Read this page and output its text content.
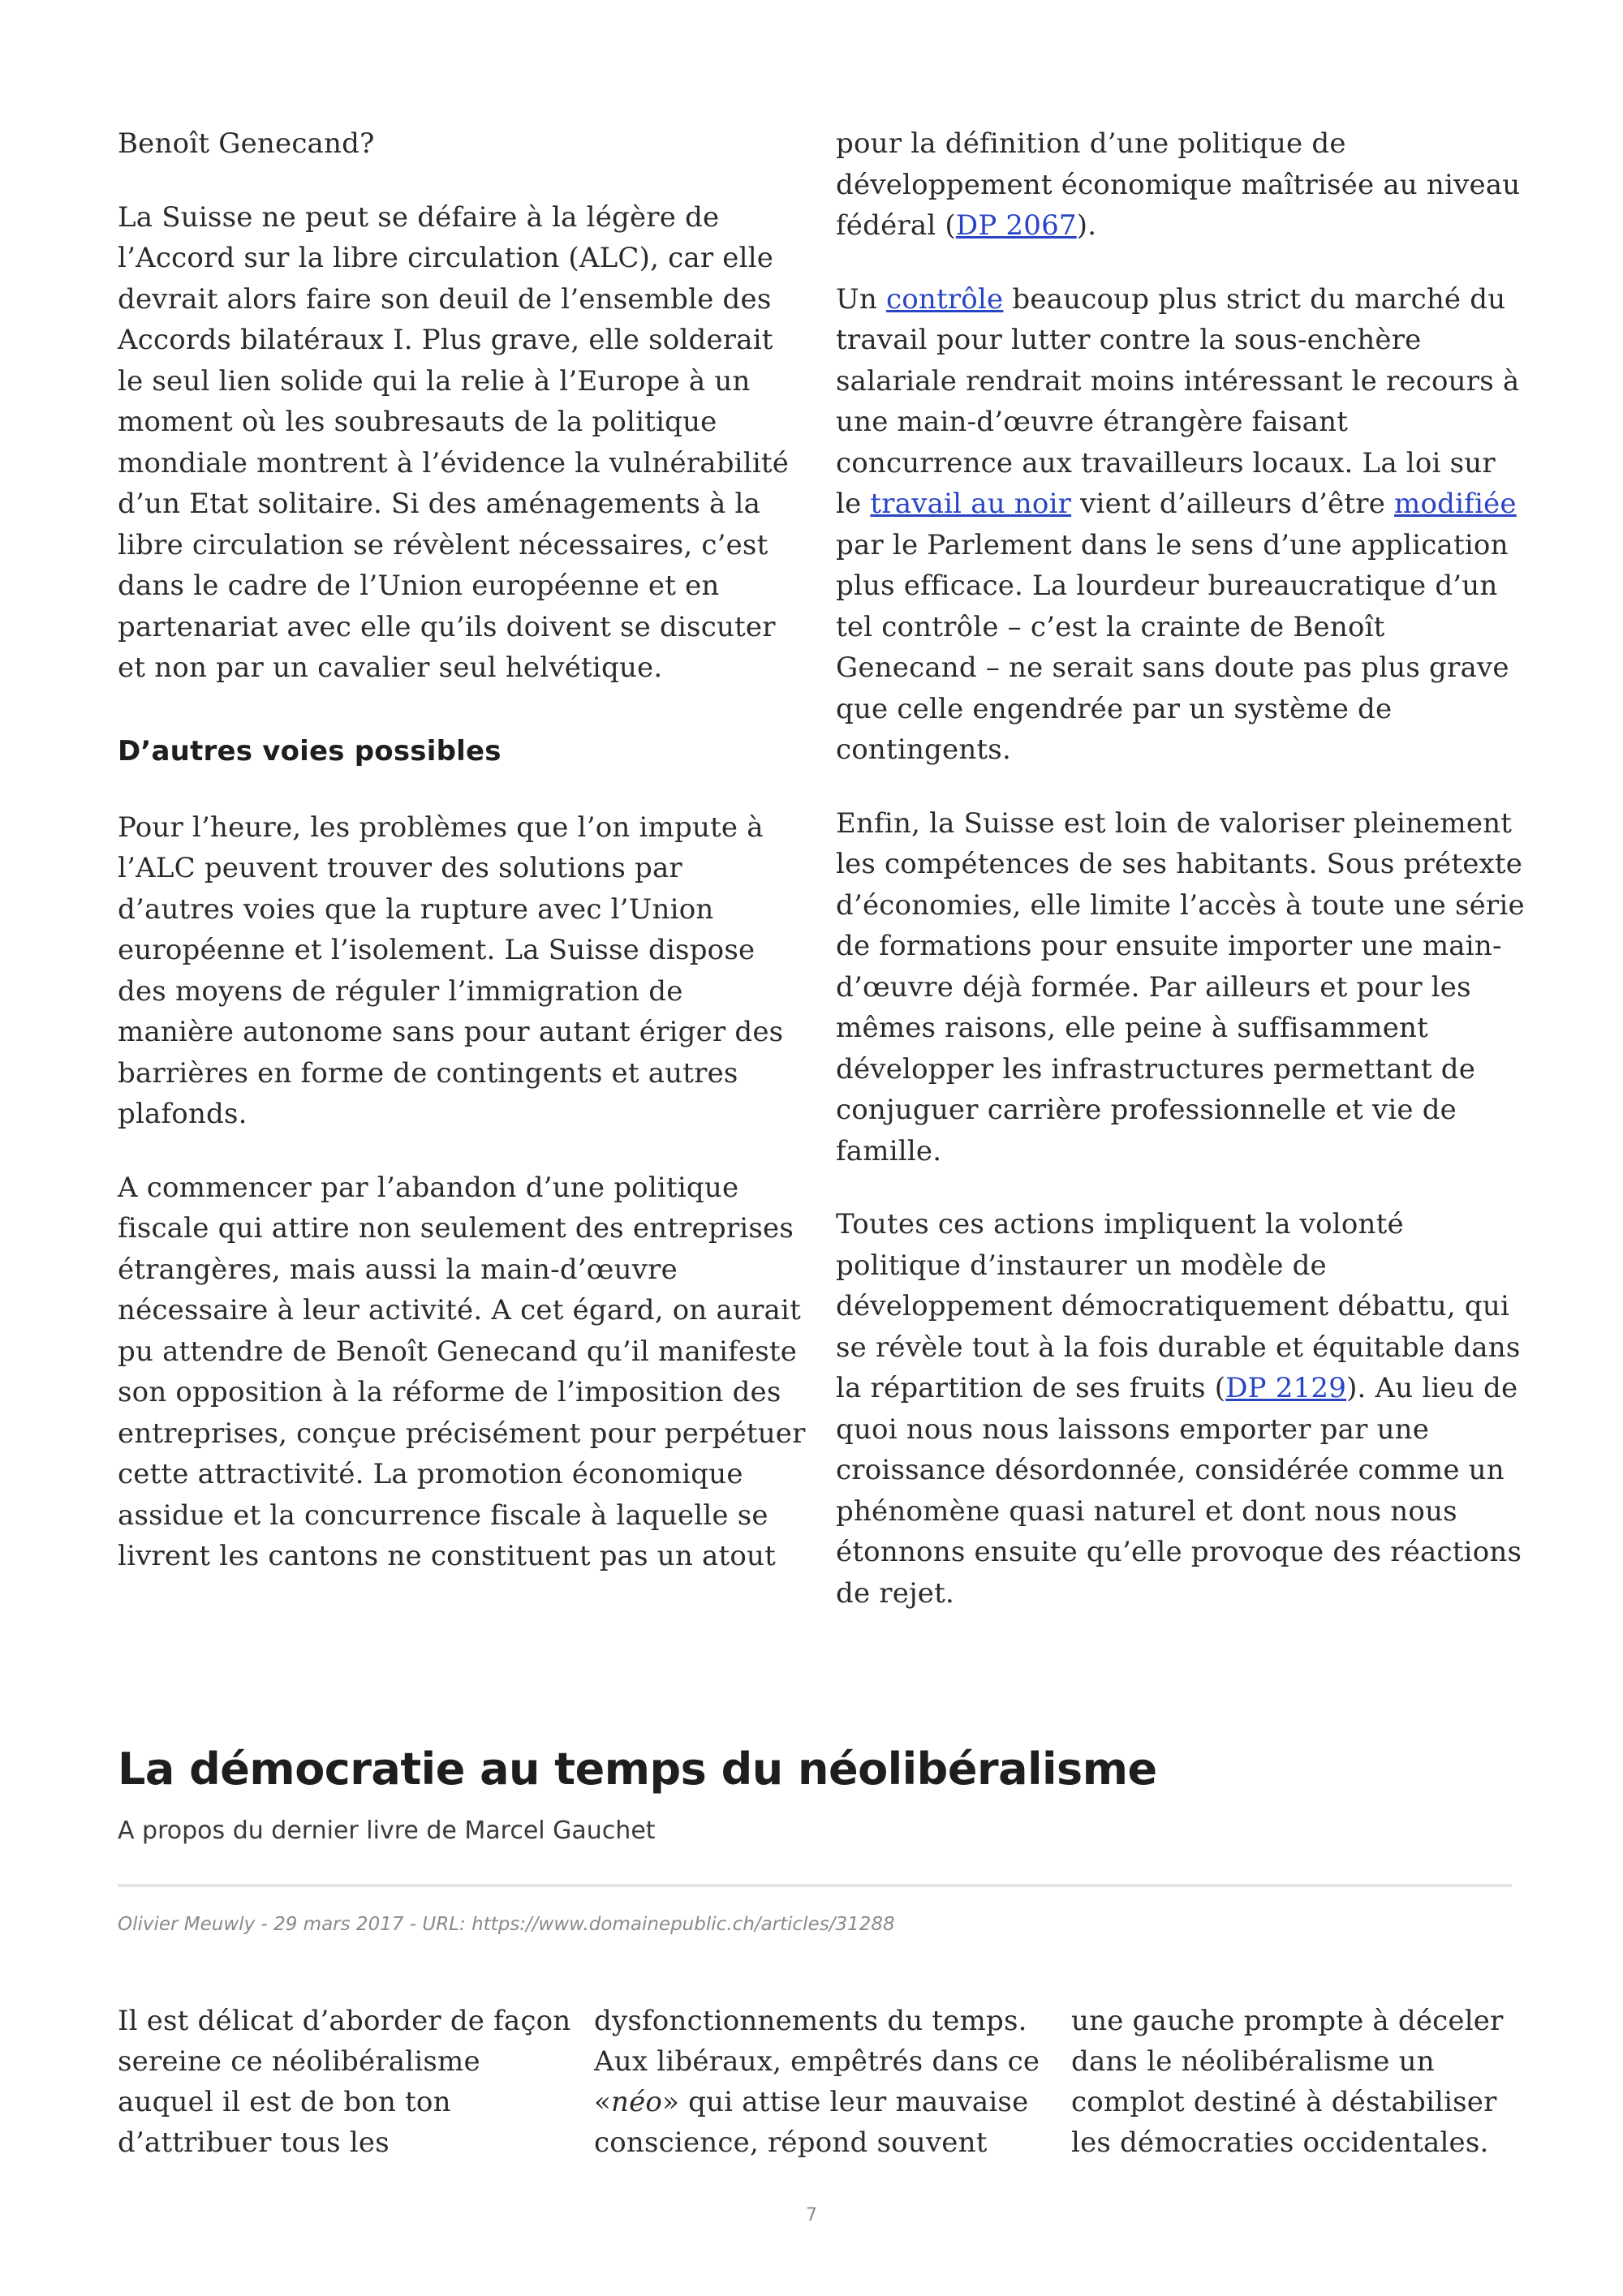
Benoît Genecand?

La Suisse ne peut se défaire à la légère de l’Accord sur la libre circulation (ALC), car elle devrait alors faire son deuil de l’ensemble des Accords bilatéraux I. Plus grave, elle solderait le seul lien solide qui la relie à l’Europe à un moment où les soubresauts de la politique mondiale montrent à l’évidence la vulnérabilité d’un Etat solitaire. Si des aménagements à la libre circulation se révèlent nécessaires, c’est dans le cadre de l’Union européenne et en partenariat avec elle qu’ils doivent se discuter et non par un cavalier seul helvétique.

D’autres voies possibles

Pour l’heure, les problèmes que l’on impute à l’ALC peuvent trouver des solutions par d’autres voies que la rupture avec l’Union européenne et l’isolement. La Suisse dispose des moyens de réguler l’immigration de manière autonome sans pour autant ériger des barrières en forme de contingents et autres plafonds.

A commencer par l’abandon d’une politique fiscale qui attire non seulement des entreprises étrangères, mais aussi la main-d’œuvre nécessaire à leur activité. A cet égard, on aurait pu attendre de Benoît Genecand qu’il manifeste son opposition à la réforme de l’imposition des entreprises, conçue précisément pour perpétuer cette attractivité. La promotion économique assidue et la concurrence fiscale à laquelle se livrent les cantons ne constituent pas un atout

pour la définition d’une politique de développement économique maîtrisée au niveau fédéral (DP 2067).

Un contrôle beaucoup plus strict du marché du travail pour lutter contre la sous-enchère salariale rendrait moins intéressant le recours à une main-d’œuvre étrangère faisant concurrence aux travailleurs locaux. La loi sur le travail au noir vient d’ailleurs d’être modifiée par le Parlement dans le sens d’une application plus efficace. La lourdeur bureaucratique d’un tel contrôle – c’est la crainte de Benoît Genecand – ne serait sans doute pas plus grave que celle engendrée par un système de contingents.

Enfin, la Suisse est loin de valoriser pleinement les compétences de ses habitants. Sous prétexte d’économies, elle limite l’accès à toute une série de formations pour ensuite importer une main-d’œuvre déjà formée. Par ailleurs et pour les mêmes raisons, elle peine à suffisamment développer les infrastructures permettant de conjuguer carrière professionnelle et vie de famille.

Toutes ces actions impliquent la volonté politique d’instaurer un modèle de développement démocratiquement débattu, qui se révèle tout à la fois durable et équitable dans la répartition de ses fruits (DP 2129). Au lieu de quoi nous nous laissons emporter par une croissance désordonnée, considérée comme un phénomène quasi naturel et dont nous nous étonnons ensuite qu’elle provoque des réactions de rejet.

La démocratie au temps du néolibéralisme
A propos du dernier livre de Marcel Gauchet
Olivier Meuwly - 29 mars 2017 - URL: https://www.domainepublic.ch/articles/31288

Il est délicat d’aborder de façon sereine ce néolibéralisme auquel il est de bon ton d’attribuer tous les

dysfonctionnements du temps. Aux libéraux, empêtrés dans ce «néo» qui attise leur mauvaise conscience, répond souvent

une gauche prompte à déceler dans le néolibéralisme un complot destiné à déstabiliser les démocraties occidentales.

7
